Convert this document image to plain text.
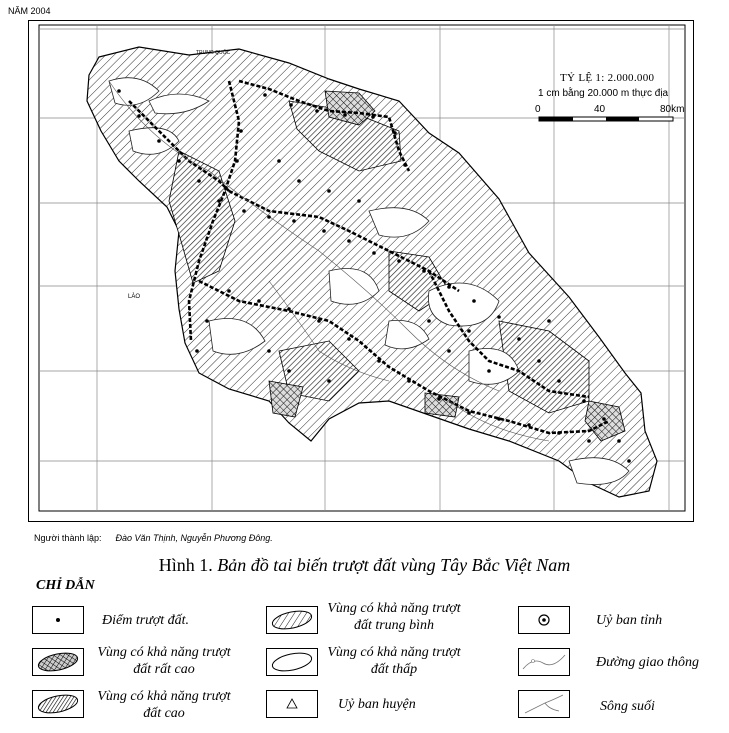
NĂM 2004
TỶ LỆ 1: 2.000.000
1 cm bằng 20.000 m thực địa
0	40	80km
TRUNG QUỐC
LÀO
Người thành lập: Đào Văn Thịnh, Nguyễn Phương Đông.
Hình 1. Bản đồ tai biến trượt đất vùng Tây Bắc Việt Nam
CHỈ DẪN
Điểm trượt đất.
Vùng có khả năng trượt đất rất cao
Vùng có khả năng trượt đất cao
Vùng có khả năng trượt đất trung bình
Vùng có khả năng trượt đất thấp
Uỷ ban huyện
Uỷ ban tỉnh
Đường giao thông
Sông suối
